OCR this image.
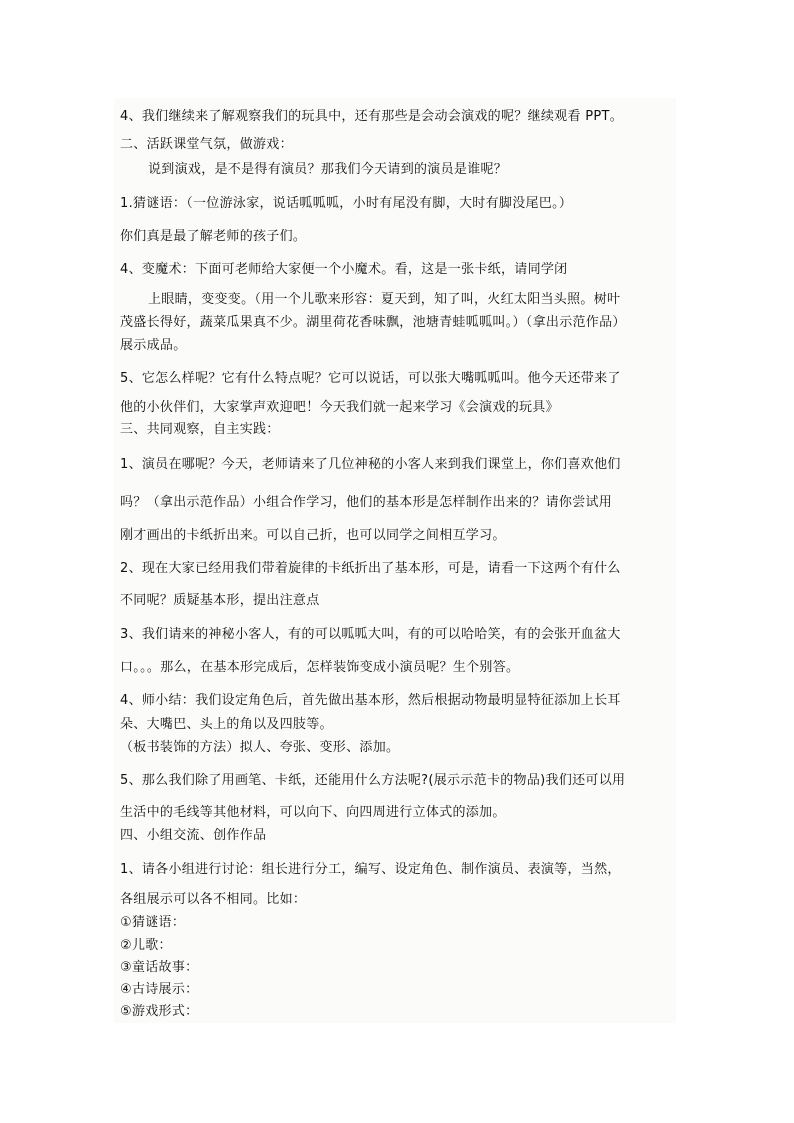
4、我们继续来了解观察我们的玩具中，还有那些是会动会演戏的呢？继续观看 PPT。
二、活跃课堂气氛，做游戏：
说到演戏，是不是得有演员？那我们今天请到的演员是谁呢？
1.猜谜语：（一位游泳家，说话呱呱呱，小时有尾没有脚，大时有脚没尾巴。）
你们真是最了解老师的孩子们。
4、变魔术：下面可老师给大家便一个小魔术。看，这是一张卡纸，请同学闭
上眼睛，变变变。（用一个儿歌来形容：夏天到，知了叫，火红太阳当头照。树叶
茂盛长得好，蔬菜瓜果真不少。湖里荷花香味飘，池塘青蛙呱呱叫。）（拿出示范作品）
展示成品。
5、它怎么样呢？它有什么特点呢？它可以说话，可以张大嘴呱呱叫。他今天还带来了
他的小伙伴们，大家掌声欢迎吧！今天我们就一起来学习《会演戏的玩具》
三、共同观察，自主实践：
1、演员在哪呢？今天，老师请来了几位神秘的小客人来到我们课堂上，你们喜欢他们
吗？（拿出示范作品）小组合作学习，他们的基本形是怎样制作出来的？请你尝试用
刚才画出的卡纸折出来。可以自己折，也可以同学之间相互学习。
2、现在大家已经用我们带着旋律的卡纸折出了基本形，可是，请看一下这两个有什么
不同呢？质疑基本形，提出注意点
3、我们请来的神秘小客人，有的可以呱呱大叫，有的可以哈哈笑，有的会张开血盆大
口。。。那么，在基本形完成后，怎样装饰变成小演员呢？生个别答。
4、师小结：我们设定角色后，首先做出基本形，然后根据动物最明显特征添加上长耳
朵、大嘴巴、头上的角以及四肢等。
（板书装饰的方法）拟人、夸张、变形、添加。
5、那么我们除了用画笔、卡纸，还能用什么方法呢?(展示示范卡的物品)我们还可以用
生活中的毛线等其他材料，可以向下、向四周进行立体式的添加。
四、小组交流、创作作品
1、请各小组进行讨论：组长进行分工，编写、设定角色、制作演员、表演等，当然，
各组展示可以各不相同。比如：
①猜谜语：
②儿歌：
③童话故事：
④古诗展示：
⑤游戏形式：
